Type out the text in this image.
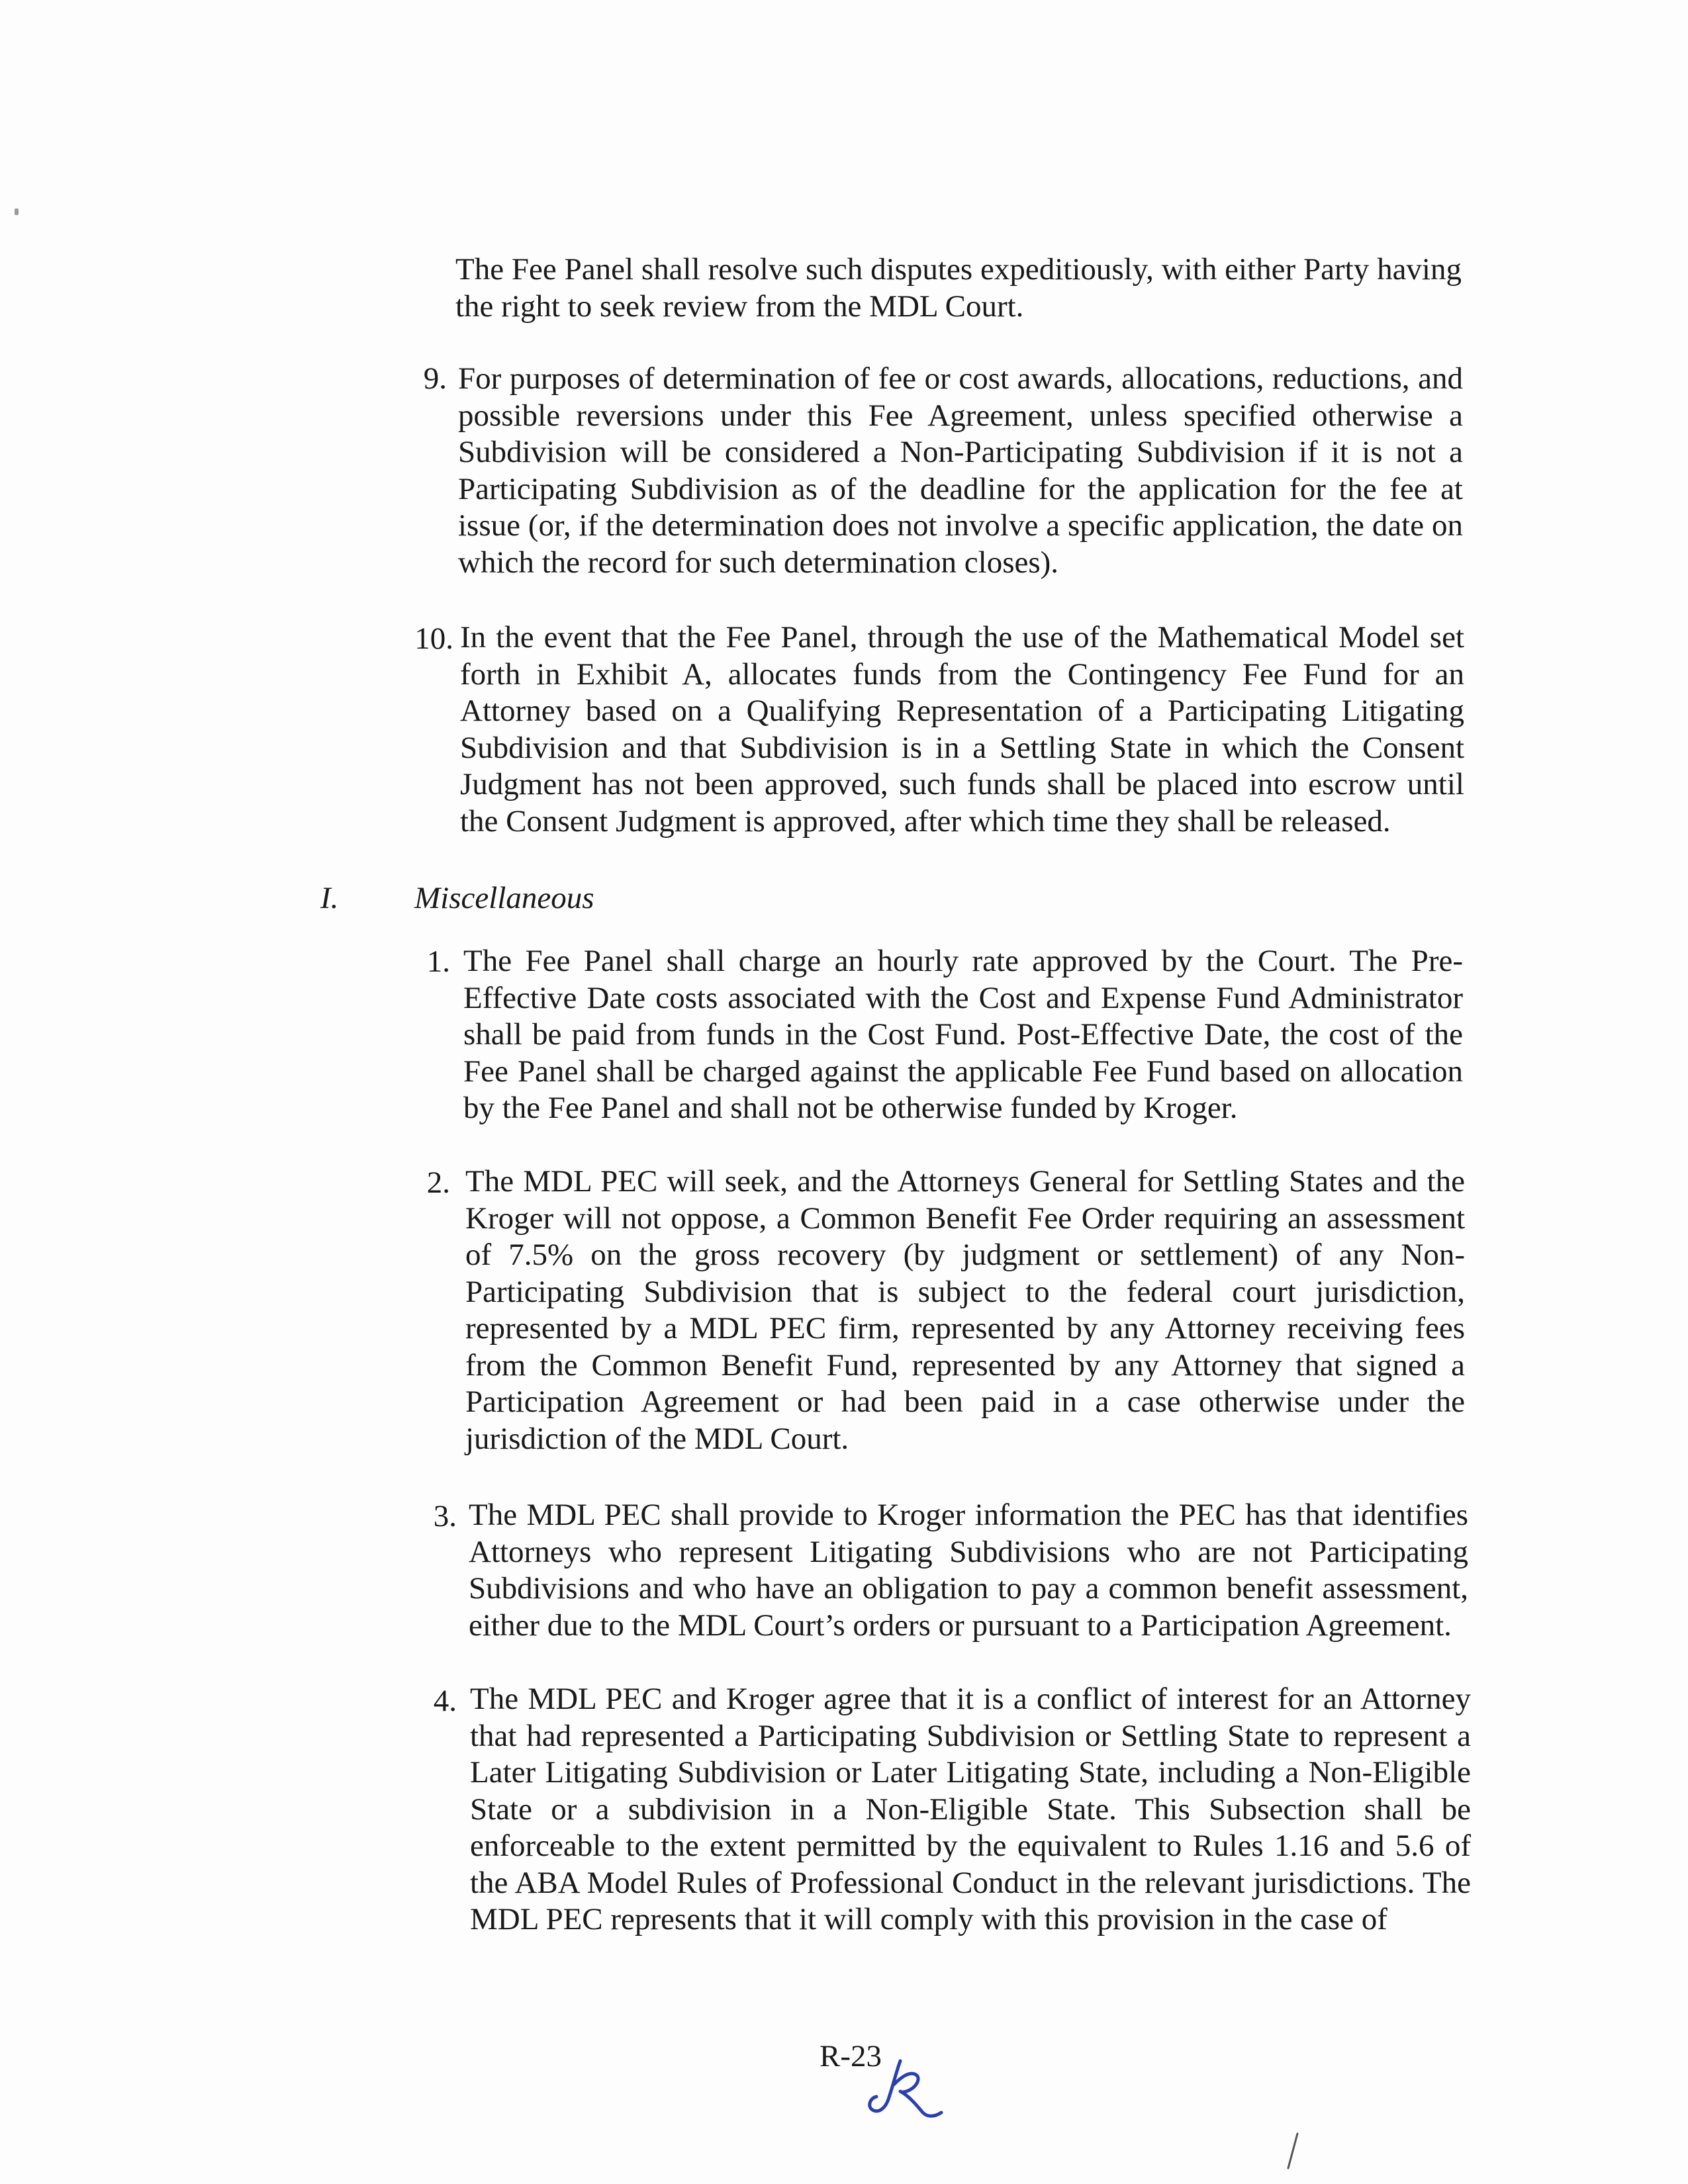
The Fee Panel shall resolve such disputes expeditiously, with either Party having the right to seek review from the MDL Court.

9. For purposes of determination of fee or cost awards, allocations, reductions, and possible reversions under this Fee Agreement, unless specified otherwise a Subdivision will be considered a Non-Participating Subdivision if it is not a Participating Subdivision as of the deadline for the application for the fee at issue (or, if the determination does not involve a specific application, the date on which the record for such determination closes).

10. In the event that the Fee Panel, through the use of the Mathematical Model set forth in Exhibit A, allocates funds from the Contingency Fee Fund for an Attorney based on a Qualifying Representation of a Participating Litigating Subdivision and that Subdivision is in a Settling State in which the Consent Judgment has not been approved, such funds shall be placed into escrow until the Consent Judgment is approved, after which time they shall be released.

I. Miscellaneous

1. The Fee Panel shall charge an hourly rate approved by the Court. The Pre-Effective Date costs associated with the Cost and Expense Fund Administrator shall be paid from funds in the Cost Fund. Post-Effective Date, the cost of the Fee Panel shall be charged against the applicable Fee Fund based on allocation by the Fee Panel and shall not be otherwise funded by Kroger.

2. The MDL PEC will seek, and the Attorneys General for Settling States and the Kroger will not oppose, a Common Benefit Fee Order requiring an assessment of 7.5% on the gross recovery (by judgment or settlement) of any Non-Participating Subdivision that is subject to the federal court jurisdiction, represented by a MDL PEC firm, represented by any Attorney receiving fees from the Common Benefit Fund, represented by any Attorney that signed a Participation Agreement or had been paid in a case otherwise under the jurisdiction of the MDL Court.

3. The MDL PEC shall provide to Kroger information the PEC has that identifies Attorneys who represent Litigating Subdivisions who are not Participating Subdivisions and who have an obligation to pay a common benefit assessment, either due to the MDL Court’s orders or pursuant to a Participation Agreement.

4. The MDL PEC and Kroger agree that it is a conflict of interest for an Attorney that had represented a Participating Subdivision or Settling State to represent a Later Litigating Subdivision or Later Litigating State, including a Non-Eligible State or a subdivision in a Non-Eligible State. This Subsection shall be enforceable to the extent permitted by the equivalent to Rules 1.16 and 5.6 of the ABA Model Rules of Professional Conduct in the relevant jurisdictions. The MDL PEC represents that it will comply with this provision in the case of

R-23
